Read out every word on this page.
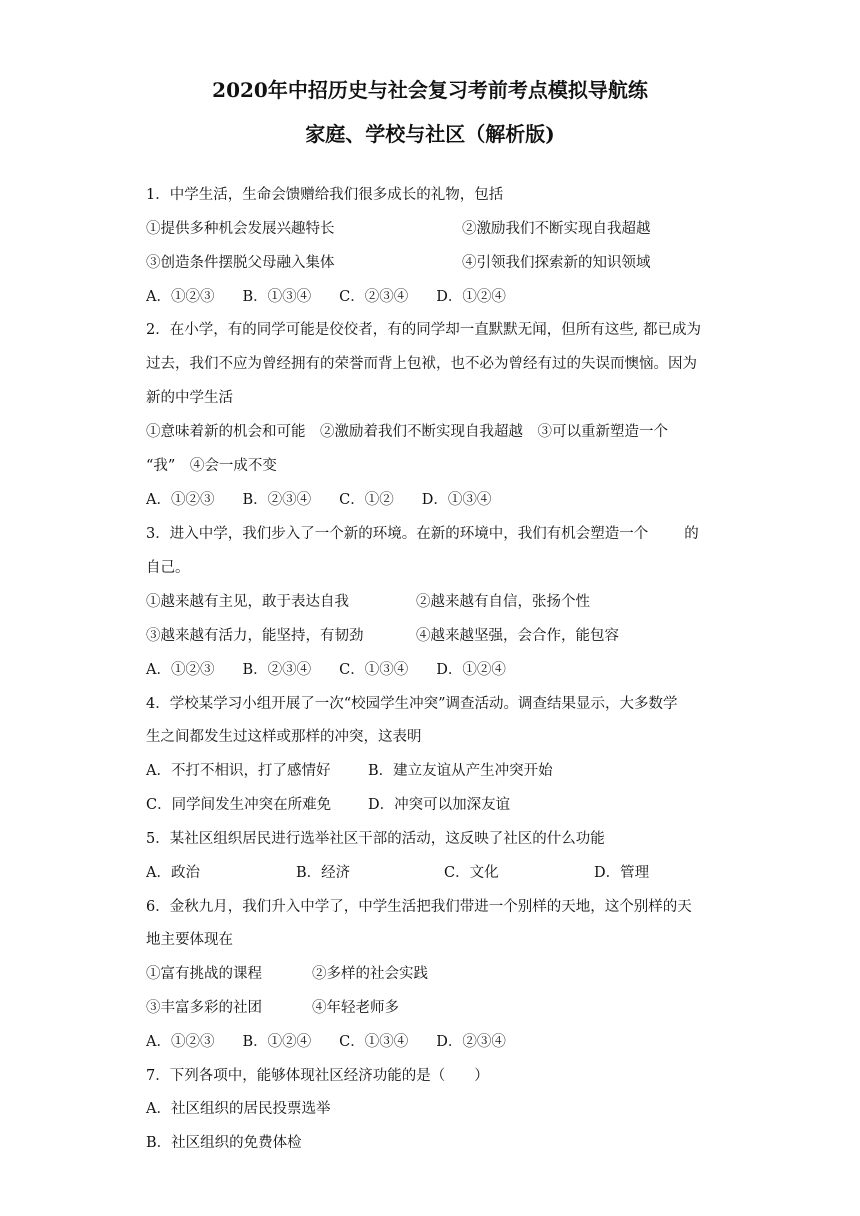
2020年中招历史与社会复习考前考点模拟导航练
家庭、学校与社区（解析版)
1．中学生活，生命会馈赠给我们很多成长的礼物，包括
①提供多种机会发展兴趣特长	②激励我们不断实现自我超越
③创造条件摆脱父母融入集体	④引领我们探索新的知识领域
A．①②③ B．①③④ C．②③④ D．①②④
2．在小学，有的同学可能是佼佼者，有的同学却一直默默无闻，但所有这些, 都已成为
过去，我们不应为曾经拥有的荣誉而背上包袱，也不必为曾经有过的失误而懊恼。因为
新的中学生活
①意味着新的机会和可能　②激励着我们不断实现自我超越　③可以重新塑造一个
“我”　④会一成不变
A．①②③ B．②③④ C．①② D．①③④
3．进入中学，我们步入了一个新的环境。在新的环境中，我们有机会塑造一个 的
自己。
①越来越有主见，敢于表达自我	②越来越有自信，张扬个性
③越来越有活力，能坚持，有韧劲	④越来越坚强，会合作，能包容
A．①②③ B．②③④ C．①③④ D．①②④
4．学校某学习小组开展了一次“校园学生冲突”调查活动。调查结果显示，大多数学
生之间都发生过这样或那样的冲突，这表明
A．不打不相识，打了感情好	B．建立友谊从产生冲突开始
C．同学间发生冲突在所难免	D．冲突可以加深友谊
5．某社区组织居民进行选举社区干部的活动，这反映了社区的什么功能
A．政治	B．经济	C．文化	D．管理
6．金秋九月，我们升入中学了，中学生活把我们带进一个别样的天地，这个别样的天
地主要体现在
①富有挑战的课程	②多样的社会实践
③丰富多彩的社团	④年轻老师多
A．①②③ B．①②④ C．①③④ D．②③④
7．下列各项中，能够体现社区经济功能的是（　　）
A．社区组织的居民投票选举
B．社区组织的免费体检
